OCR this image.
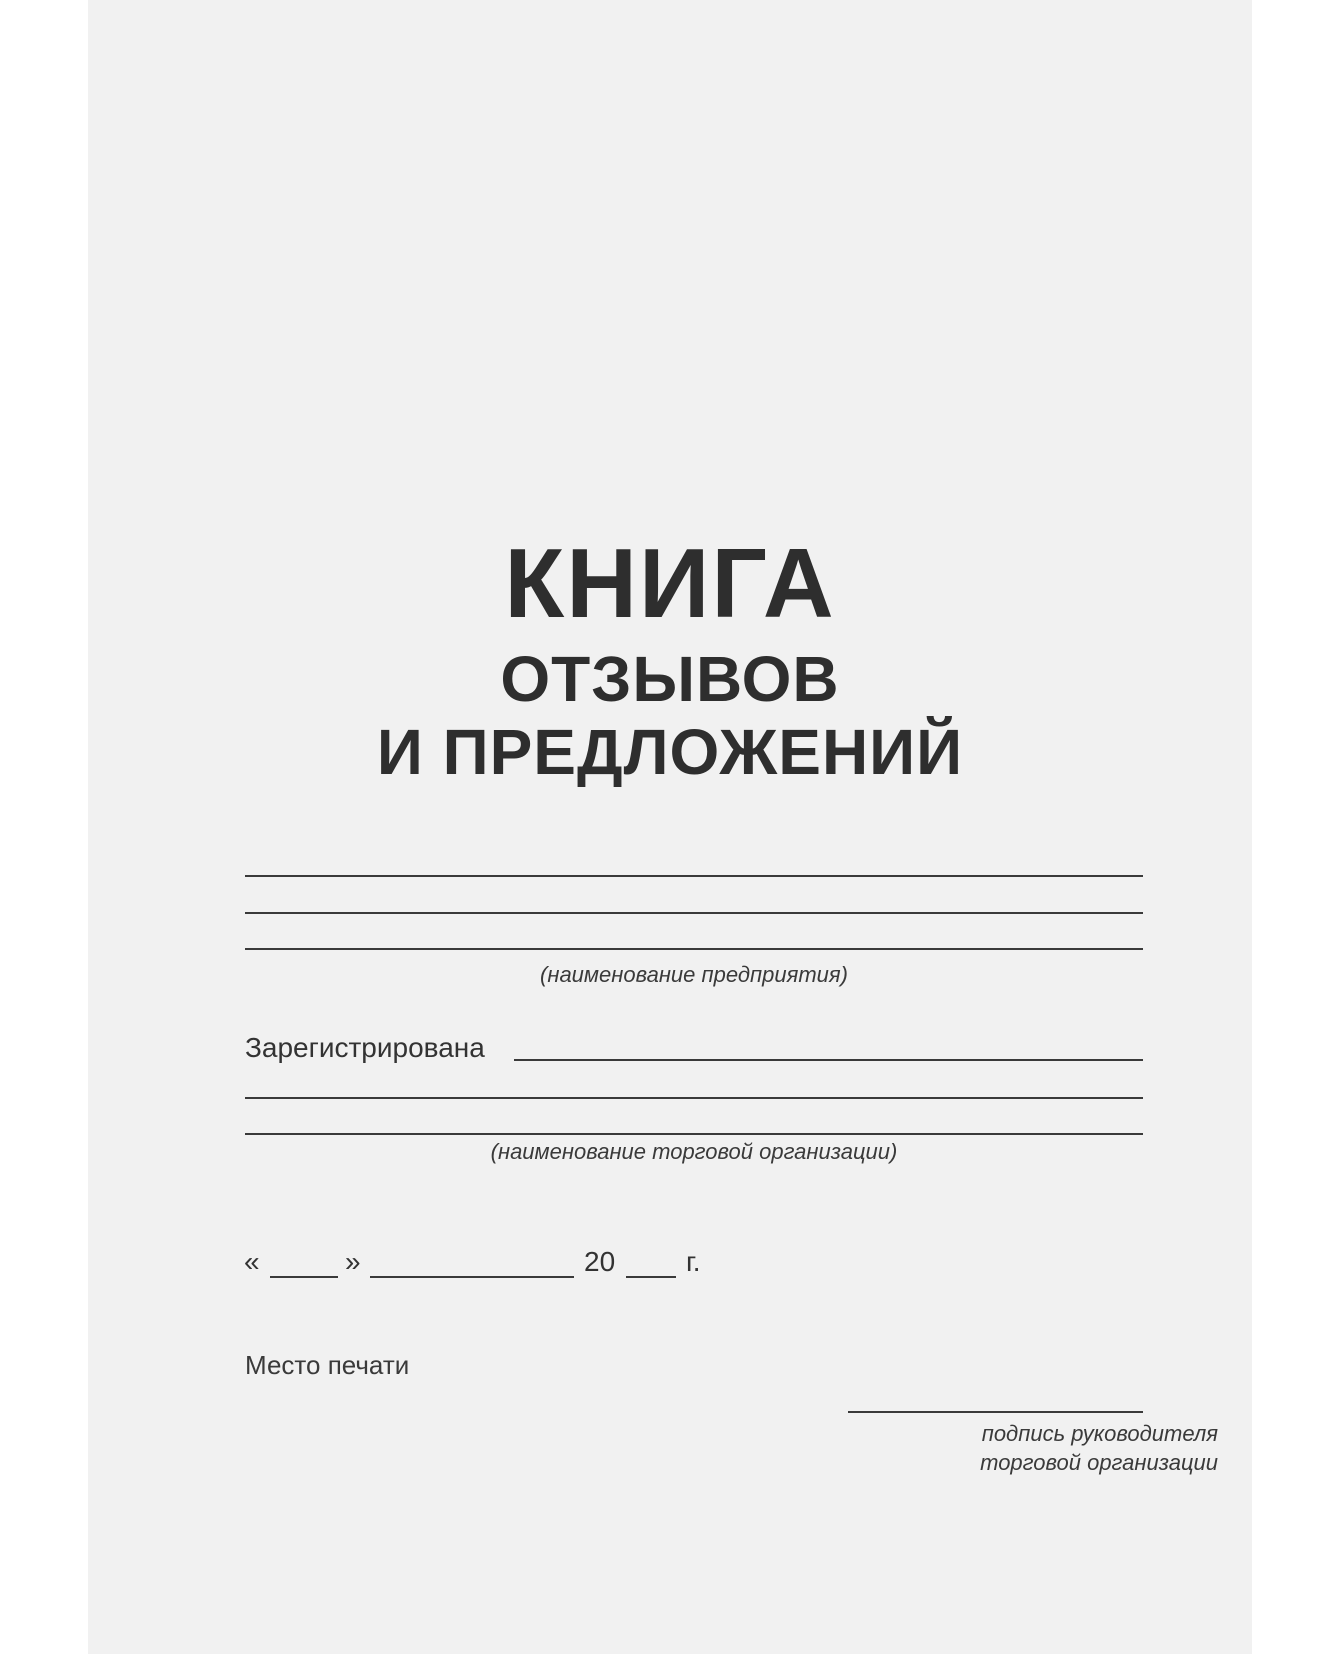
КНИГА
ОТЗЫВОВ
И ПРЕДЛОЖЕНИЙ
(наименование предприятия)
Зарегистрирована
(наименование торговой организации)
«	»	20	г.
Место печати
подпись руководителя
торговой организации
